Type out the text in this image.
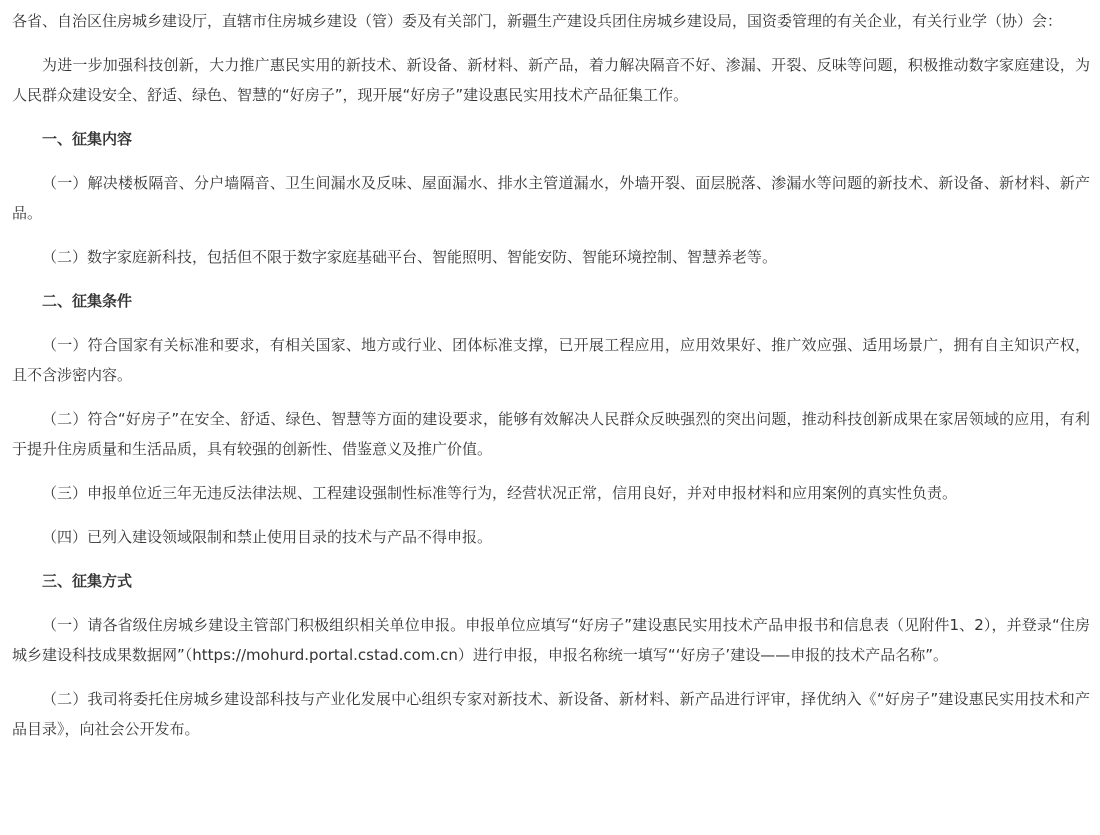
各省、自治区住房城乡建设厅，直辖市住房城乡建设（管）委及有关部门，新疆生产建设兵团住房城乡建设局，国资委管理的有关企业，有关行业学（协）会：

为进一步加强科技创新，大力推广惠民实用的新技术、新设备、新材料、新产品，着力解决隔音不好、渗漏、开裂、反味等问题，积极推动数字家庭建设，为人民群众建设安全、舒适、绿色、智慧的“好房子”，现开展“好房子”建设惠民实用技术产品征集工作。

一、征集内容

（一）解决楼板隔音、分户墙隔音、卫生间漏水及反味、屋面漏水、排水主管道漏水，外墙开裂、面层脱落、渗漏水等问题的新技术、新设备、新材料、新产品。

（二）数字家庭新科技，包括但不限于数字家庭基础平台、智能照明、智能安防、智能环境控制、智慧养老等。

二、征集条件

（一）符合国家有关标准和要求，有相关国家、地方或行业、团体标准支撑，已开展工程应用，应用效果好、推广效应强、适用场景广，拥有自主知识产权，且不含涉密内容。

（二）符合“好房子”在安全、舒适、绿色、智慧等方面的建设要求，能够有效解决人民群众反映强烈的突出问题，推动科技创新成果在家居领域的应用，有利于提升住房质量和生活品质，具有较强的创新性、借鉴意义及推广价值。

（三）申报单位近三年无违反法律法规、工程建设强制性标准等行为，经营状况正常，信用良好，并对申报材料和应用案例的真实性负责。

（四）已列入建设领域限制和禁止使用目录的技术与产品不得申报。

三、征集方式

（一）请各省级住房城乡建设主管部门积极组织相关单位申报。申报单位应填写“好房子”建设惠民实用技术产品申报书和信息表（见附件1、2），并登录“住房城乡建设科技成果数据网”（https://mohurd.portal.cstad.com.cn）进行申报，申报名称统一填写“‘好房子’建设——申报的技术产品名称”。

（二）我司将委托住房城乡建设部科技与产业化发展中心组织专家对新技术、新设备、新材料、新产品进行评审，择优纳入《“好房子”建设惠民实用技术和产品目录》，向社会公开发布。
